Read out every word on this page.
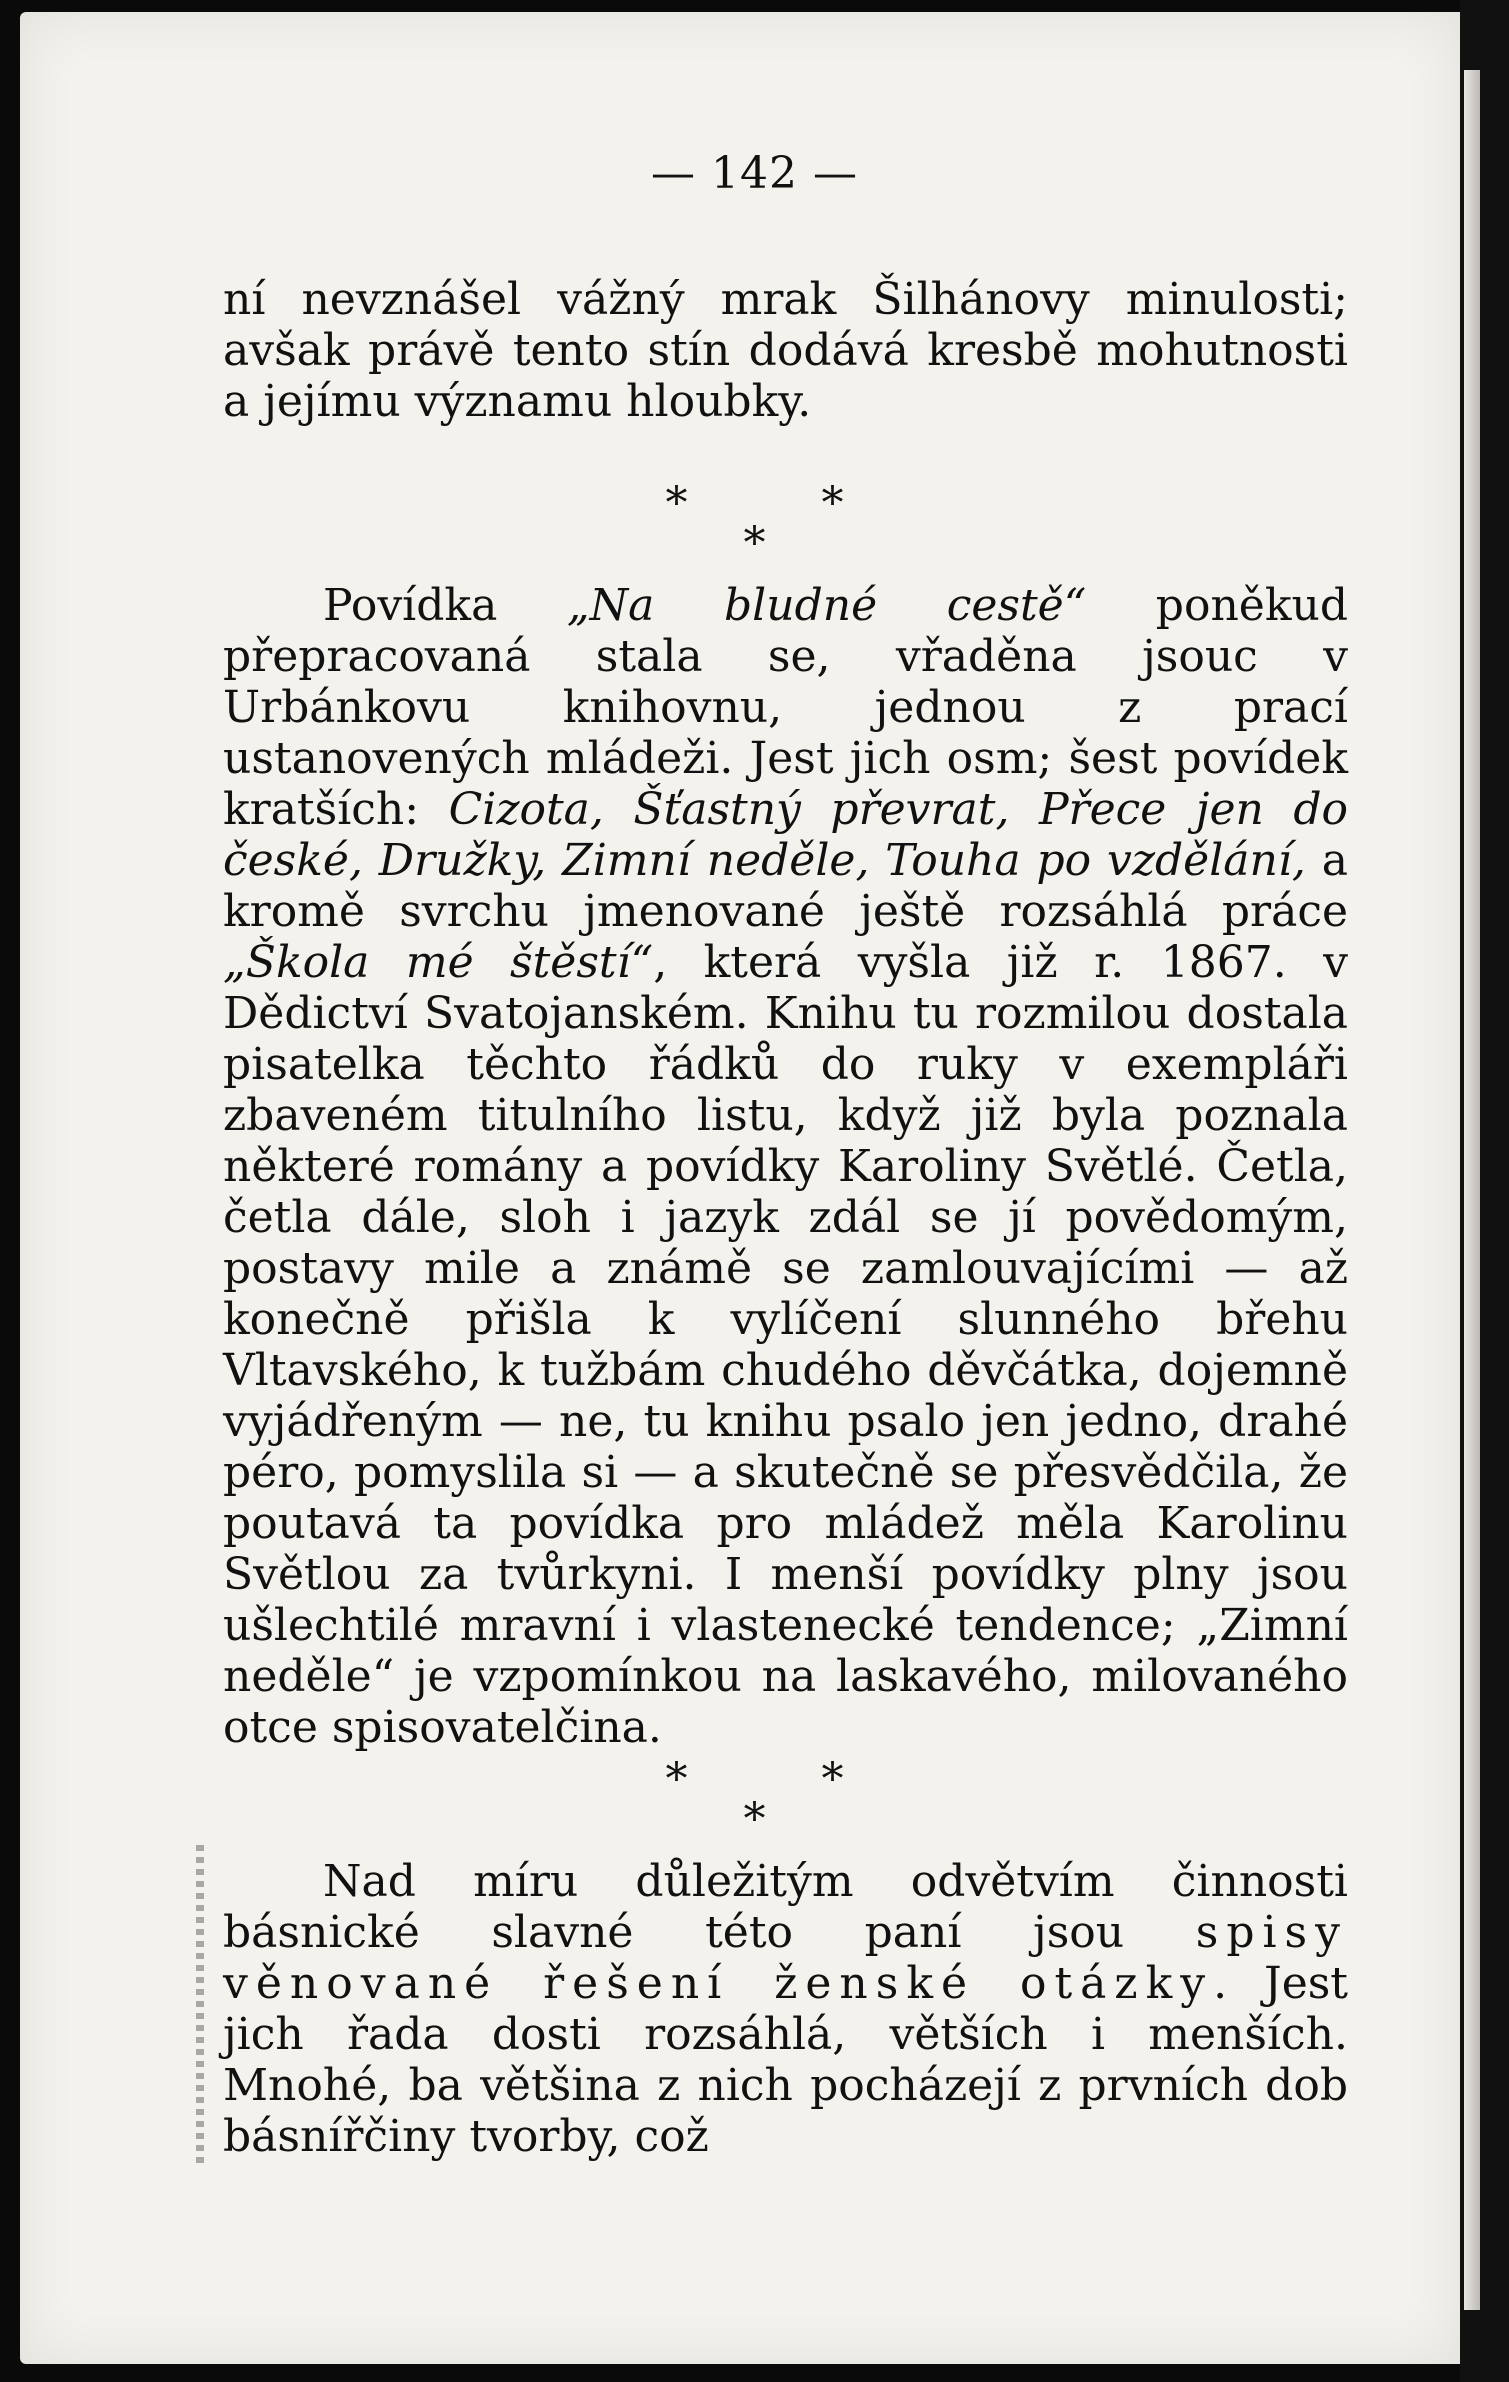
— 142 —

ní nevznášel vážný mrak Šilhánovy minulosti; avšak právě tento stín dodává kresbě mohutnosti a jejímu významu hloubky.

* *
*

Povídka „Na bludné cestě“ poněkud přepracovaná stala se, vřaděna jsouc v Urbánkovu knihovnu, jednou z prací ustanovených mládeži. Jest jich osm; šest povídek kratších: Cizota, Šťastný převrat, Přece jen do české, Družky, Zimní neděle, Touha po vzdělání, a kromě svrchu jmenované ještě rozsáhlá práce „Škola mé štěstí“, která vyšla již r. 1867. v Dědictví Svatojanském. Knihu tu rozmilou dostala pisatelka těchto řádků do ruky v exempláři zbaveném titulního listu, když již byla poznala některé romány a povídky Karoliny Světlé. Četla, četla dále, sloh i jazyk zdál se jí povědomým, postavy mile a známě se zamlouvajícími — až konečně přišla k vylíčení slunného břehu Vltavského, k tužbám chudého děvčátka, dojemně vyjádřeným — ne, tu knihu psalo jen jedno, drahé péro, pomyslila si — a skutečně se přesvědčila, že poutavá ta povídka pro mládež měla Karolinu Světlou za tvůrkyni. I menší povídky plny jsou ušlechtilé mravní i vlastenecké tendence; „Zimní neděle“ je vzpomínkou na laskavého, milovaného otce spisovatelčina.

* *
*

Nad míru důležitým odvětvím činnosti básnické slavné této paní jsou spisy věnované řešení ženské otázky. Jest jich řada dosti rozsáhlá, větších i menších. Mnohé, ba většina z nich pocházejí z prvních dob básnířčiny tvorby, což
